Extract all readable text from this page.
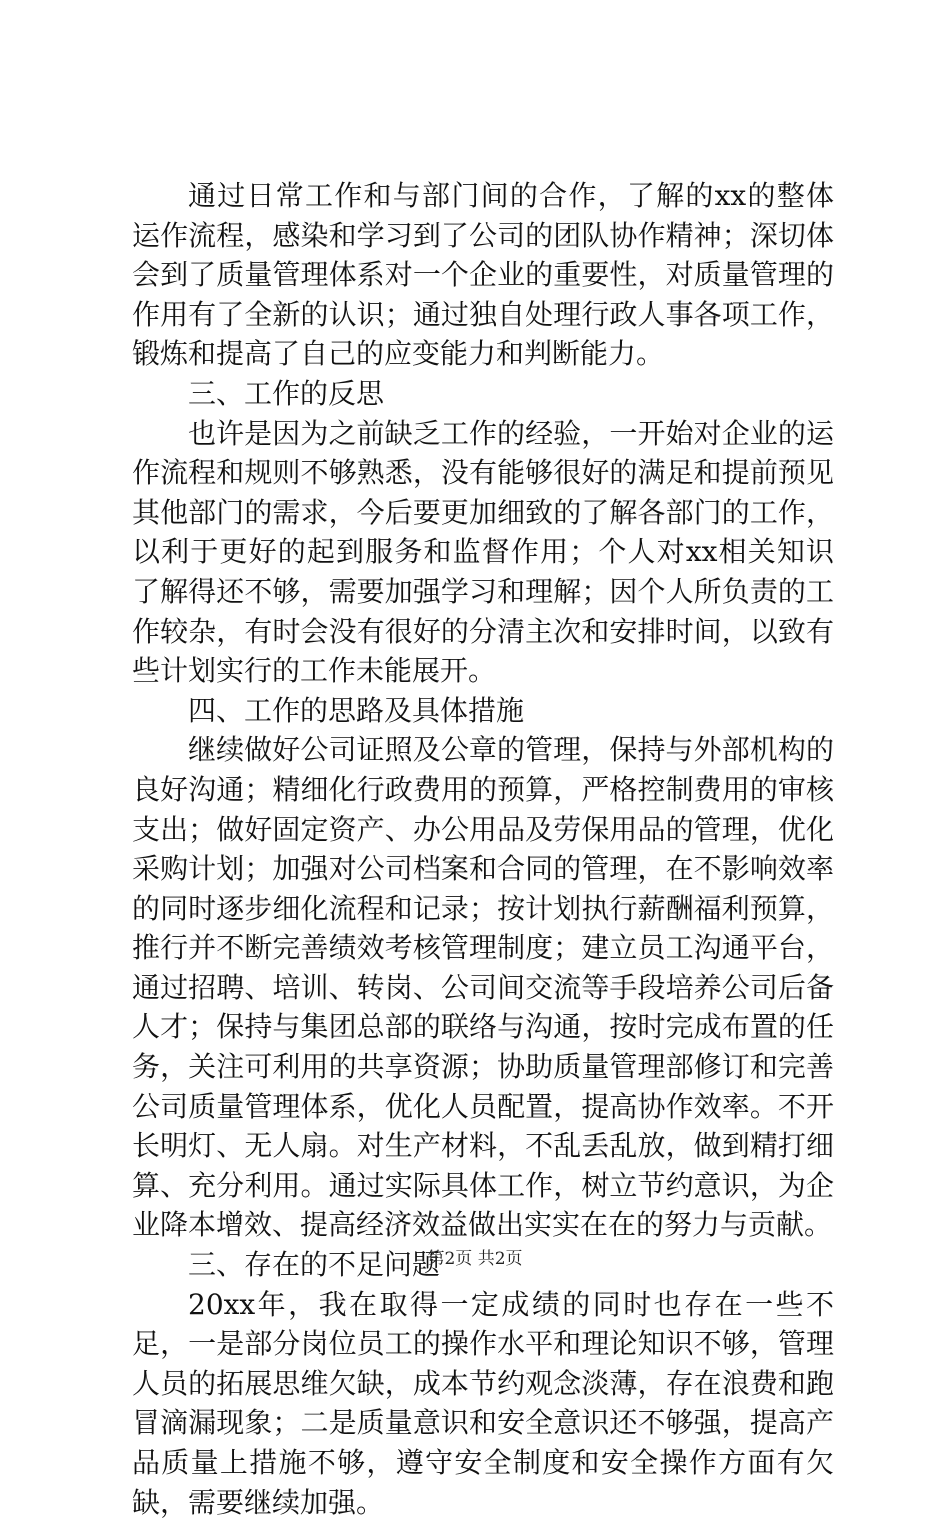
通过日常工作和与部门间的合作，了解的xx的整体运作流程，感染和学习到了公司的团队协作精神；深切体会到了质量管理体系对一个企业的重要性，对质量管理的作用有了全新的认识；通过独自处理行政人事各项工作，锻炼和提高了自己的应变能力和判断能力。

三、工作的反思

也许是因为之前缺乏工作的经验，一开始对企业的运作流程和规则不够熟悉，没有能够很好的满足和提前预见其他部门的需求，今后要更加细致的了解各部门的工作，以利于更好的起到服务和监督作用；个人对xx相关知识了解得还不够，需要加强学习和理解；因个人所负责的工作较杂，有时会没有很好的分清主次和安排时间，以致有些计划实行的工作未能展开。

四、工作的思路及具体措施

继续做好公司证照及公章的管理，保持与外部机构的良好沟通；精细化行政费用的预算，严格控制费用的审核支出；做好固定资产、办公用品及劳保用品的管理，优化采购计划；加强对公司档案和合同的管理，在不影响效率的同时逐步细化流程和记录；按计划执行薪酬福利预算，推行并不断完善绩效考核管理制度；建立员工沟通平台，通过招聘、培训、转岗、公司间交流等手段培养公司后备人才；保持与集团总部的联络与沟通，按时完成布置的任务，关注可利用的共享资源；协助质量管理部修订和完善公司质量管理体系，优化人员配置，提高协作效率。不开长明灯、无人扇。对生产材料，不乱丢乱放，做到精打细算、充分利用。通过实际具体工作，树立节约意识，为企业降本增效、提高经济效益做出实实在在的努力与贡献。

三、存在的不足问题

20xx年，我在取得一定成绩的同时也存在一些不足，一是部分岗位员工的操作水平和理论知识不够，管理人员的拓展思维欠缺，成本节约观念淡薄，存在浪费和跑冒滴漏现象；二是质量意识和安全意识还不够强，提高产品质量上措施不够，遵守安全制度和安全操作方面有欠缺，需要继续加强。

第2页 共2页
